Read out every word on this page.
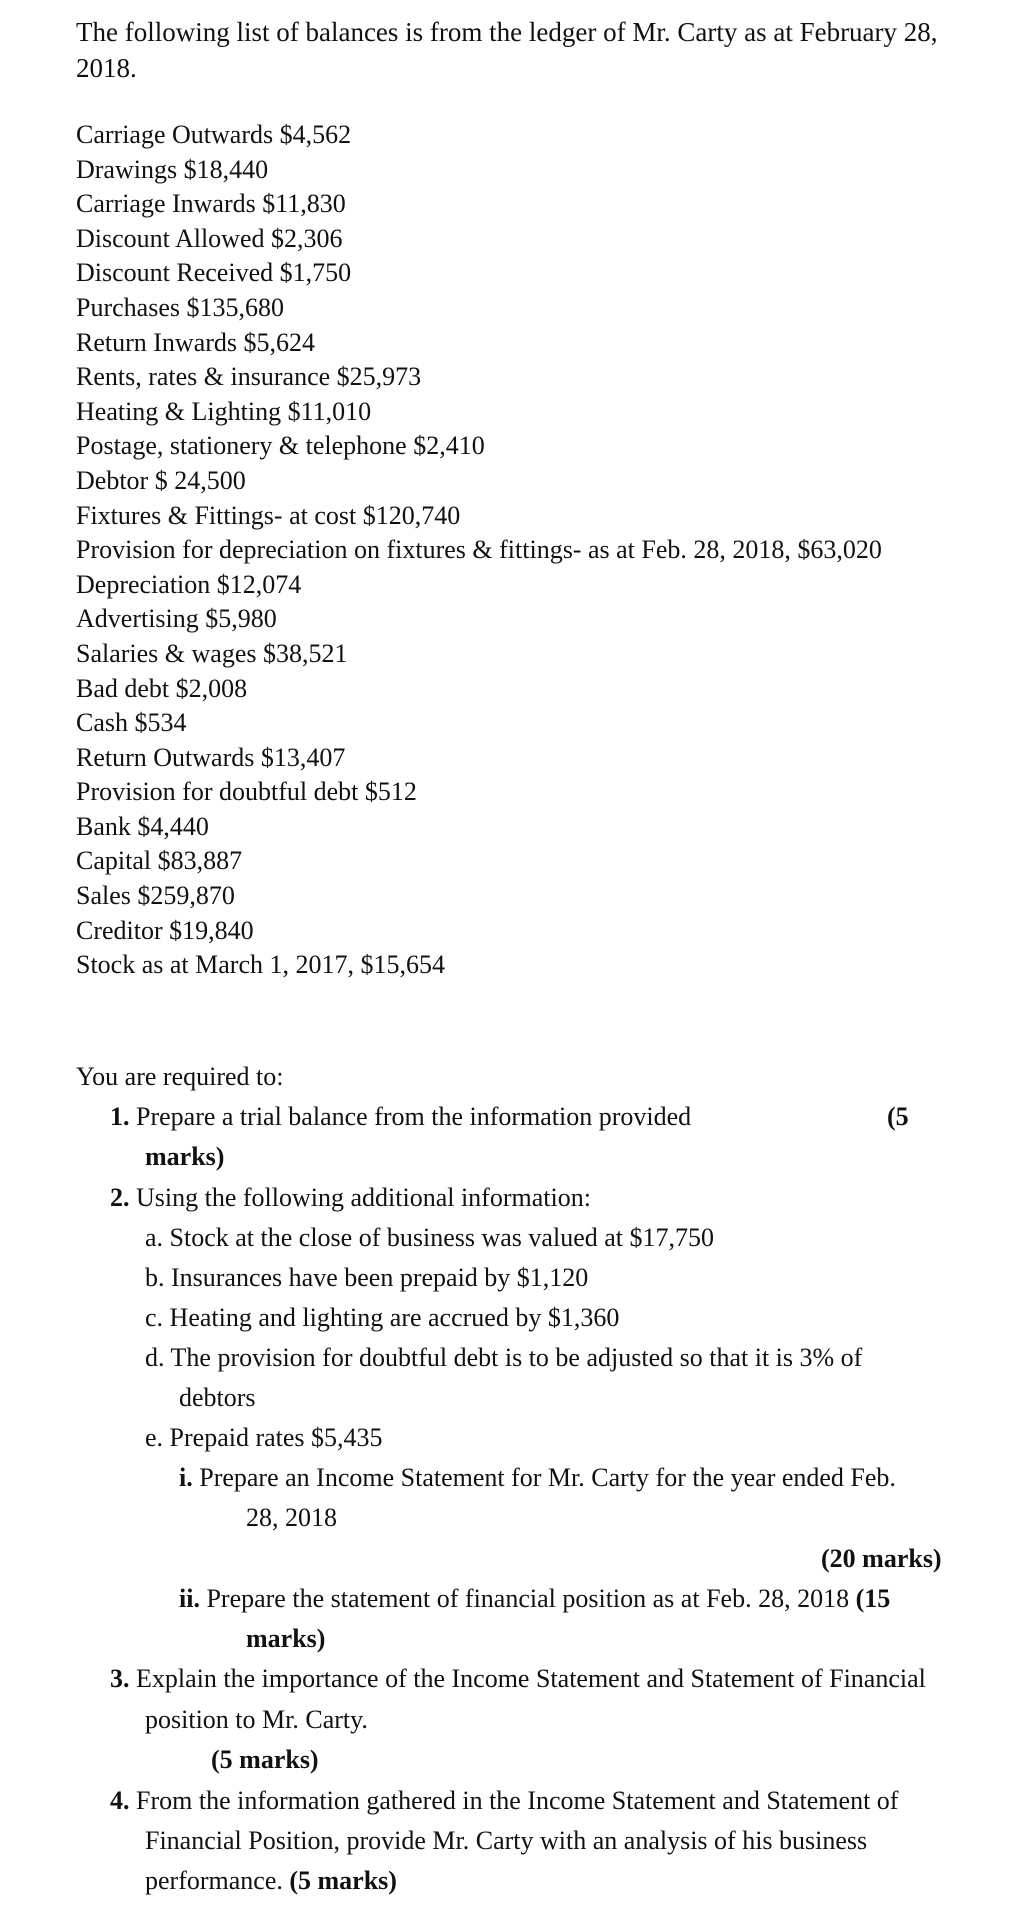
The following list of balances is from the ledger of Mr. Carty as at February 28,
2018.
Carriage Outwards $4,562
Drawings $18,440
Carriage Inwards $11,830
Discount Allowed $2,306
Discount Received $1,750
Purchases $135,680
Return Inwards $5,624
Rents, rates & insurance $25,973
Heating & Lighting $11,010
Postage, stationery & telephone $2,410
Debtor $ 24,500
Fixtures & Fittings- at cost $120,740
Provision for depreciation on fixtures & fittings- as at Feb. 28, 2018, $63,020
Depreciation $12,074
Advertising $5,980
Salaries & wages $38,521
Bad debt $2,008
Cash $534
Return Outwards $13,407
Provision for doubtful debt $512
Bank $4,440
Capital $83,887
Sales $259,870
Creditor $19,840
Stock as at March 1, 2017, $15,654
You are required to:
1. Prepare a trial balance from the information provided	(5
marks)
2. Using the following additional information:
a. Stock at the close of business was valued at $17,750
b. Insurances have been prepaid by $1,120
c. Heating and lighting are accrued by $1,360
d. The provision for doubtful debt is to be adjusted so that it is 3% of
debtors
e. Prepaid rates $5,435
i. Prepare an Income Statement for Mr. Carty for the year ended Feb.
28, 2018
(20 marks)
ii. Prepare the statement of financial position as at Feb. 28, 2018 (15
marks)
3. Explain the importance of the Income Statement and Statement of Financial
position to Mr. Carty.
(5 marks)
4. From the information gathered in the Income Statement and Statement of
Financial Position, provide Mr. Carty with an analysis of his business
performance. (5 marks)
